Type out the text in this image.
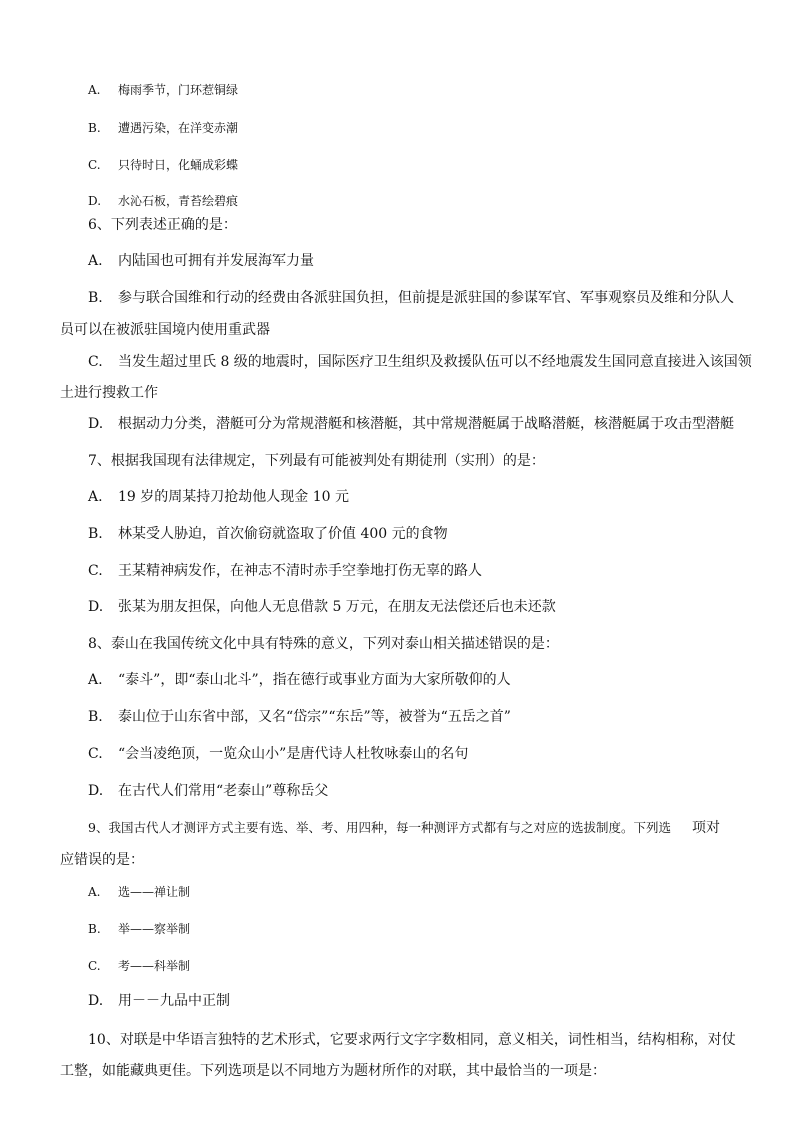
A. 梅雨季节，门环惹铜绿
B. 遭遇污染，在洋变赤潮
C. 只待时日，化蛹成彩蝶
D. 水沁石板，青苔绘碧痕
6、下列表述正确的是：
A. 内陆国也可拥有并发展海军力量
B. 参与联合国维和行动的经费由各派驻国负担，但前提是派驻国的参谋军官、军事观察员及维和分队人
员可以在被派驻国境内使用重武器
C. 当发生超过里氏 8 级的地震时，国际医疗卫生组织及救援队伍可以不经地震发生国同意直接进入该国领
土进行搜救工作
D. 根据动力分类，潜艇可分为常规潜艇和核潜艇，其中常规潜艇属于战略潜艇，核潜艇属于攻击型潜艇
7、根据我国现有法律规定，下列最有可能被判处有期徒刑（实刑）的是：
A. 19 岁的周某持刀抢劫他人现金 10 元
B. 林某受人胁迫，首次偷窃就盗取了价值 400 元的食物
C. 王某精神病发作，在神志不清时赤手空拳地打伤无辜的路人
D. 张某为朋友担保，向他人无息借款 5 万元，在朋友无法偿还后也未还款
8、泰山在我国传统文化中具有特殊的意义，下列对泰山相关描述错误的是：
A. “泰斗”，即“泰山北斗”，指在德行或事业方面为大家所敬仰的人
B. 泰山位于山东省中部，又名“岱宗”“东岳”等，被誉为“五岳之首”
C. “会当凌绝顶，一览众山小”是唐代诗人杜牧咏泰山的名句
D. 在古代人们常用“老泰山”尊称岳父
9、我国古代人才测评方式主要有选、举、考、用四种，每一种测评方式都有与之对应的选拔制度。下列选 项对
应错误的是：
A. 选——禅让制
B. 举——察举制
C. 考——科举制
D. 用－－九品中正制
10、对联是中华语言独特的艺术形式，它要求两行文字字数相同，意义相关，词性相当，结构相称，对仗
工整，如能藏典更佳。下列选项是以不同地方为题材所作的对联，其中最恰当的一项是：
